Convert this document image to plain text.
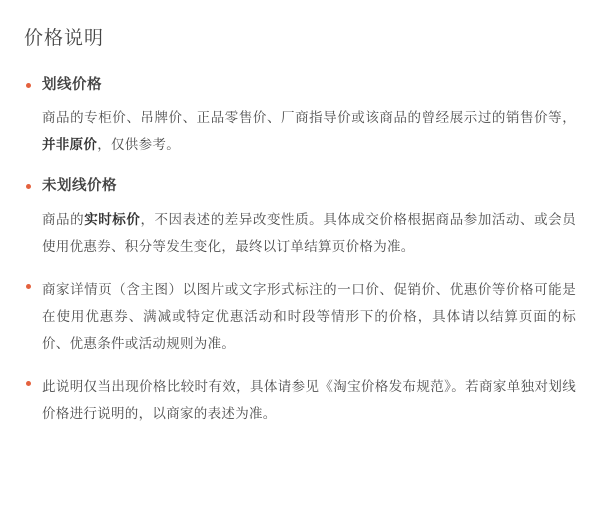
价格说明
划线价格

商品的专柜价、吊牌价、正品零售价、厂商指导价或该商品的曾经展示过的销售价等，并非原价，仅供参考。

未划线价格

商品的实时标价，不因表述的差异改变性质。具体成交价格根据商品参加活动、或会员使用优惠券、积分等发生变化，最终以订单结算页价格为准。

商家详情页（含主图）以图片或文字形式标注的一口价、促销价、优惠价等价格可能是在使用优惠券、满减或特定优惠活动和时段等情形下的价格，具体请以结算页面的标价、优惠条件或活动规则为准。

此说明仅当出现价格比较时有效，具体请参见《淘宝价格发布规范》。若商家单独对划线价格进行说明的，以商家的表述为准。
